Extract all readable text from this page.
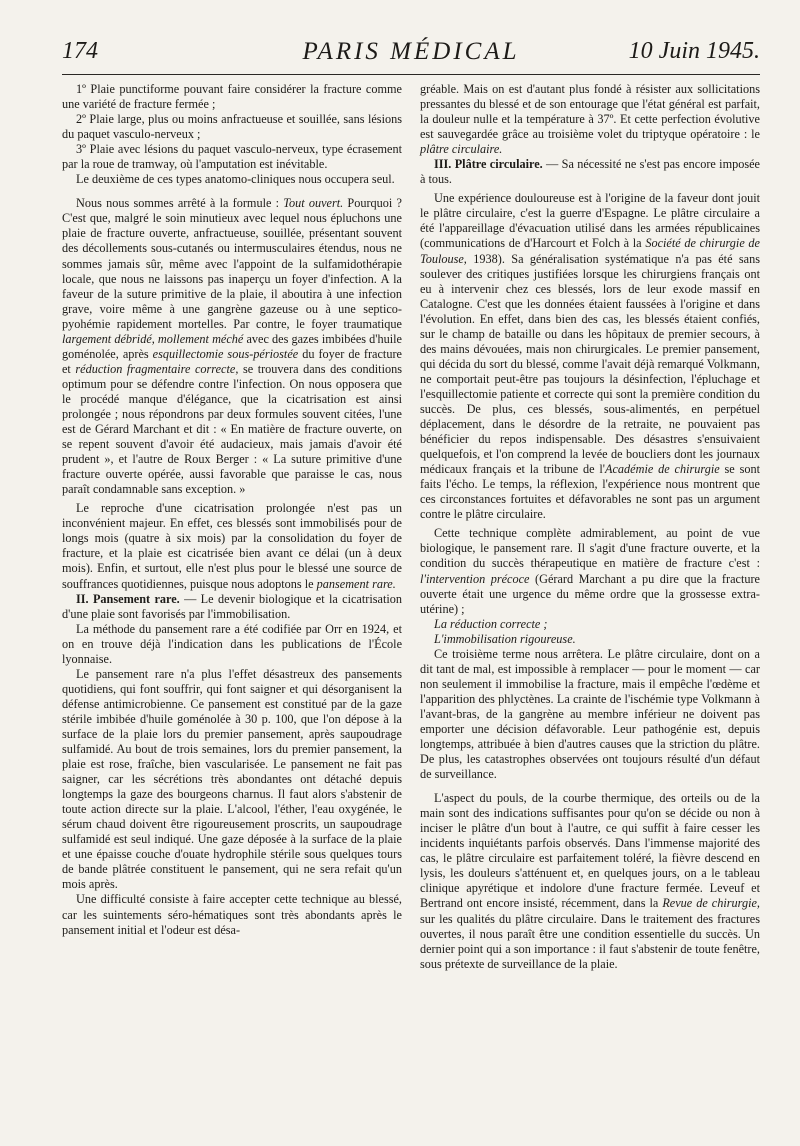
174	PARIS MÉDICAL	10 Juin 1945.

1º Plaie punctiforme pouvant faire considérer la fracture comme une variété de fracture fermée ;

2º Plaie large, plus ou moins anfractueuse et souillée, sans lésions du paquet vasculo-nerveux ;

3º Plaie avec lésions du paquet vasculo-nerveux, type écrasement par la roue de tramway, où l'amputation est inévitable.

Le deuxième de ces types anatomo-cliniques nous occupera seul.

Nous nous sommes arrêté à la formule : Tout ouvert. Pourquoi ? C'est que, malgré le soin minutieux avec lequel nous épluchons une plaie de fracture ouverte, anfractueuse, souillée, présentant souvent des décollements sous-cutanés ou intermusculaires étendus, nous ne sommes jamais sûr, même avec l'appoint de la sulfamidothérapie locale, que nous ne laissons pas inaperçu un foyer d'infection. A la faveur de la suture primitive de la plaie, il aboutira à une infection grave, voire même à une gangrène gazeuse ou à une septico-pyohémie rapidement mortelles. Par contre, le foyer traumatique largement débridé, mollement méché avec des gazes imbibées d'huile goménolée, après esquillectomie sous-périostée du foyer de fracture et réduction fragmentaire correcte, se trouvera dans des conditions optimum pour se défendre contre l'infection. On nous opposera que le procédé manque d'élégance, que la cicatrisation est ainsi prolongée ; nous répondrons par deux formules souvent citées, l'une est de Gérard Marchant et dit : « En matière de fracture ouverte, on se repent souvent d'avoir été audacieux, mais jamais d'avoir été prudent », et l'autre de Roux Berger : « La suture primitive d'une fracture ouverte opérée, aussi favorable que paraisse le cas, nous paraît condamnable sans exception. »

Le reproche d'une cicatrisation prolongée n'est pas un inconvénient majeur. En effet, ces blessés sont immobilisés pour de longs mois (quatre à six mois) par la consolidation du foyer de fracture, et la plaie est cicatrisée bien avant ce délai (un à deux mois). Enfin, et surtout, elle n'est plus pour le blessé une source de souffrances quotidiennes, puisque nous adoptons le pansement rare.

II. Pansement rare. — Le devenir biologique et la cicatrisation d'une plaie sont favorisés par l'immobilisation.

La méthode du pansement rare a été codifiée par Orr en 1924, et on en trouve déjà l'indication dans les publications de l'École lyonnaise.

Le pansement rare n'a plus l'effet désastreux des pansements quotidiens, qui font souffrir, qui font saigner et qui désorganisent la défense antimicrobienne. Ce pansement est constitué par de la gaze stérile imbibée d'huile goménolée à 30 p. 100, que l'on dépose à la surface de la plaie lors du premier pansement, après saupoudrage sulfamidé. Au bout de trois semaines, lors du premier pansement, la plaie est rose, fraîche, bien vascularisée. Le pansement ne fait pas saigner, car les sécrétions très abondantes ont détaché depuis longtemps la gaze des bourgeons charnus. Il faut alors s'abstenir de toute action directe sur la plaie. L'alcool, l'éther, l'eau oxygénée, le sérum chaud doivent être rigoureusement proscrits, un saupoudrage sulfamidé est seul indiqué. Une gaze déposée à la surface de la plaie et une épaisse couche d'ouate hydrophile stérile sous quelques tours de bande plâtrée constituent le pansement, qui ne sera refait qu'un mois après.

Une difficulté consiste à faire accepter cette technique au blessé, car les suintements séro-hématiques sont très abondants après le pansement initial et l'odeur est désa-

gréable. Mais on est d'autant plus fondé à résister aux sollicitations pressantes du blessé et de son entourage que l'état général est parfait, la douleur nulle et la température à 37º. Et cette perfection évolutive est sauvegardée grâce au troisième volet du triptyque opératoire : le plâtre circulaire.

III. Plâtre circulaire. — Sa nécessité ne s'est pas encore imposée à tous.

Une expérience douloureuse est à l'origine de la faveur dont jouit le plâtre circulaire, c'est la guerre d'Espagne. Le plâtre circulaire a été l'appareillage d'évacuation utilisé dans les armées républicaines (communications de d'Harcourt et Folch à la Société de chirurgie de Toulouse, 1938). Sa généralisation systématique n'a pas été sans soulever des critiques justifiées lorsque les chirurgiens français ont eu à intervenir chez ces blessés, lors de leur exode massif en Catalogne. C'est que les données étaient faussées à l'origine et dans l'évolution. En effet, dans bien des cas, les blessés étaient confiés, sur le champ de bataille ou dans les hôpitaux de premier secours, à des mains dévouées, mais non chirurgicales. Le premier pansement, qui décida du sort du blessé, comme l'avait déjà remarqué Volkmann, ne comportait peut-être pas toujours la désinfection, l'épluchage et l'esquillectomie patiente et correcte qui sont la première condition du succès. De plus, ces blessés, sous-alimentés, en perpétuel déplacement, dans le désordre de la retraite, ne pouvaient pas bénéficier du repos indispensable. Des désastres s'ensuivaient quelquefois, et l'on comprend la levée de boucliers dont les journaux médicaux français et la tribune de l'Académie de chirurgie se sont faits l'écho. Le temps, la réflexion, l'expérience nous montrent que ces circonstances fortuites et défavorables ne sont pas un argument contre le plâtre circulaire.

Cette technique complète admirablement, au point de vue biologique, le pansement rare. Il s'agit d'une fracture ouverte, et la condition du succès thérapeutique en matière de fracture c'est : l'intervention précoce (Gérard Marchant a pu dire que la fracture ouverte était une urgence du même ordre que la grossesse extra-utérine) ;

La réduction correcte ;

L'immobilisation rigoureuse.

Ce troisième terme nous arrêtera. Le plâtre circulaire, dont on a dit tant de mal, est impossible à remplacer — pour le moment — car non seulement il immobilise la fracture, mais il empêche l'œdème et l'apparition des phlyctènes. La crainte de l'ischémie type Volkmann à l'avant-bras, de la gangrène au membre inférieur ne doivent pas emporter une décision défavorable. Leur pathogénie est, depuis longtemps, attribuée à bien d'autres causes que la striction du plâtre. De plus, les catastrophes observées ont toujours résulté d'un défaut de surveillance.

L'aspect du pouls, de la courbe thermique, des orteils ou de la main sont des indications suffisantes pour qu'on se décide ou non à inciser le plâtre d'un bout à l'autre, ce qui suffit à faire cesser les incidents inquiétants parfois observés. Dans l'immense majorité des cas, le plâtre circulaire est parfaitement toléré, la fièvre descend en lysis, les douleurs s'atténuent et, en quelques jours, on a le tableau clinique apyrétique et indolore d'une fracture fermée. Leveuf et Bertrand ont encore insisté, récemment, dans la Revue de chirurgie, sur les qualités du plâtre circulaire. Dans le traitement des fractures ouvertes, il nous paraît être une condition essentielle du succès. Un dernier point qui a son importance : il faut s'abstenir de toute fenêtre, sous prétexte de surveillance de la plaie.
